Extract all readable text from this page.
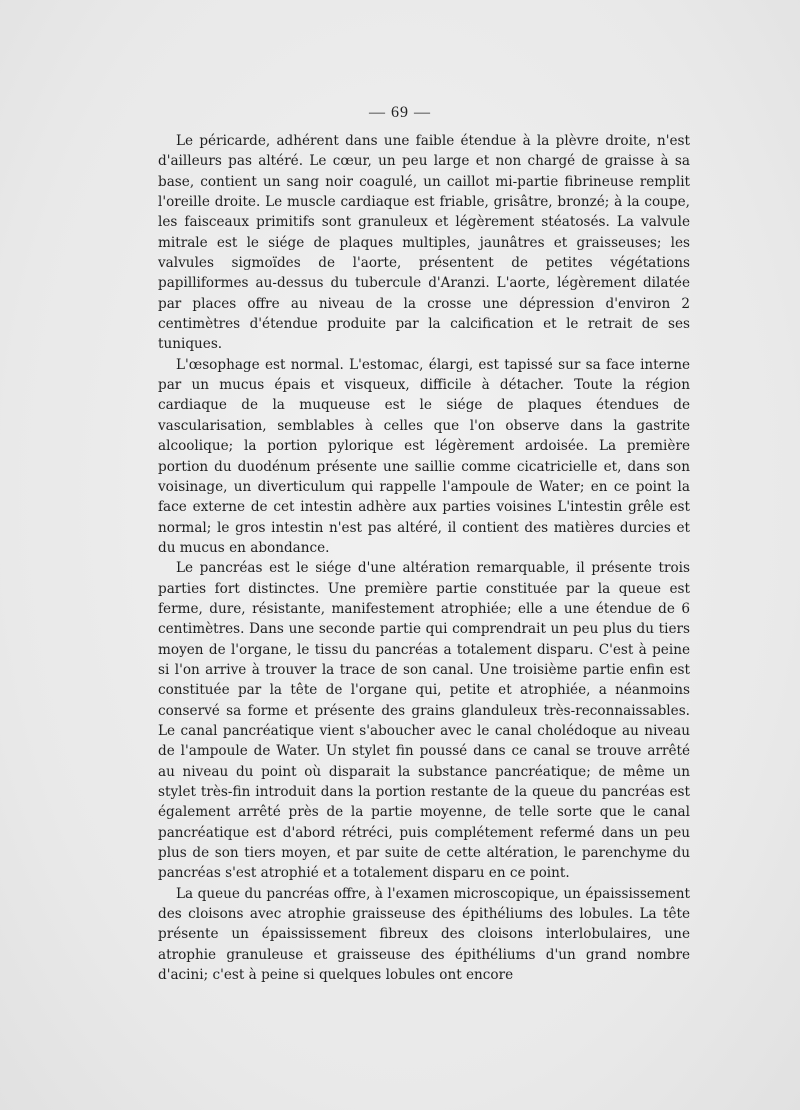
— 69 —

Le péricarde, adhérent dans une faible étendue à la plèvre droite, n'est d'ailleurs pas altéré. Le cœur, un peu large et non chargé de graisse à sa base, contient un sang noir coagulé, un caillot mi-partie fibrineuse remplit l'oreille droite. Le muscle cardiaque est friable, grisâtre, bronzé; à la coupe, les faisceaux primitifs sont granuleux et légèrement stéatosés. La valvule mitrale est le siége de plaques multiples, jaunâtres et graisseuses; les valvules sigmoïdes de l'aorte, présentent de petites végétations papilliformes au-dessus du tubercule d'Aranzi. L'aorte, légèrement dilatée par places offre au niveau de la crosse une dépression d'environ 2 centimètres d'étendue produite par la calcification et le retrait de ses tuniques.

L'œsophage est normal. L'estomac, élargi, est tapissé sur sa face interne par un mucus épais et visqueux, difficile à détacher. Toute la région cardiaque de la muqueuse est le siége de plaques étendues de vascularisation, semblables à celles que l'on observe dans la gastrite alcoolique; la portion pylorique est légèrement ardoisée. La première portion du duodénum présente une saillie comme cicatricielle et, dans son voisinage, un diverticulum qui rappelle l'ampoule de Water; en ce point la face externe de cet intestin adhère aux parties voisines L'intestin grêle est normal; le gros intestin n'est pas altéré, il contient des matières durcies et du mucus en abondance.

Le pancréas est le siége d'une altération remarquable, il présente trois parties fort distinctes. Une première partie constituée par la queue est ferme, dure, résistante, manifestement atrophiée; elle a une étendue de 6 centimètres. Dans une seconde partie qui comprendrait un peu plus du tiers moyen de l'organe, le tissu du pancréas a totalement disparu. C'est à peine si l'on arrive à trouver la trace de son canal. Une troisième partie enfin est constituée par la tête de l'organe qui, petite et atrophiée, a néanmoins conservé sa forme et présente des grains glanduleux très-reconnaissables. Le canal pancréatique vient s'aboucher avec le canal cholédoque au niveau de l'ampoule de Water. Un stylet fin poussé dans ce canal se trouve arrêté au niveau du point où disparait la substance pancréatique; de même un stylet très-fin introduit dans la portion restante de la queue du pancréas est également arrêté près de la partie moyenne, de telle sorte que le canal pancréatique est d'abord rétréci, puis complétement refermé dans un peu plus de son tiers moyen, et par suite de cette altération, le parenchyme du pancréas s'est atrophié et a totalement disparu en ce point.

La queue du pancréas offre, à l'examen microscopique, un épaississement des cloisons avec atrophie graisseuse des épithéliums des lobules. La tête présente un épaississement fibreux des cloisons interlobulaires, une atrophie granuleuse et graisseuse des épithéliums d'un grand nombre d'acini; c'est à peine si quelques lobules ont encore
